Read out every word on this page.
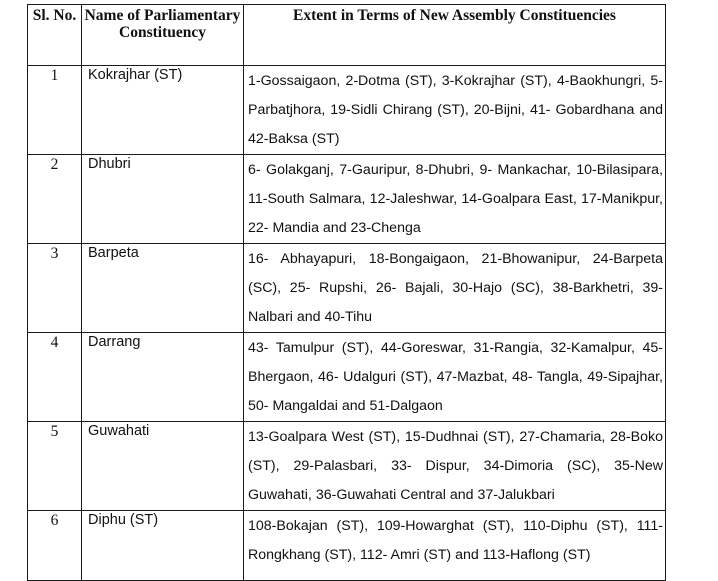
Sl. No.	Name of Parliamentary Constituency	Extent in Terms of New Assembly Constituencies
1	Kokrajhar (ST)	1-Gossaigaon, 2-Dotma (ST), 3-Kokrajhar (ST), 4-Baokhungri, 5-Parbatjhora, 19-Sidli Chirang (ST), 20-Bijni, 41- Gobardhana and 42-Baksa (ST)
2	Dhubri	6- Golakganj, 7-Gauripur, 8-Dhubri, 9- Mankachar, 10-Bilasipara, 11-South Salmara, 12-Jaleshwar, 14-Goalpara East, 17-Manikpur, 22- Mandia and 23-Chenga
3	Barpeta	16- Abhayapuri, 18-Bongaigaon, 21-Bhowanipur, 24-Barpeta (SC), 25- Rupshi, 26- Bajali, 30-Hajo (SC), 38-Barkhetri, 39-Nalbari and 40-Tihu
4	Darrang	43- Tamulpur (ST), 44-Goreswar, 31-Rangia, 32-Kamalpur, 45-Bhergaon, 46- Udalguri (ST), 47-Mazbat, 48- Tangla, 49-Sipajhar, 50- Mangaldai and 51-Dalgaon
5	Guwahati	13-Goalpara West (ST), 15-Dudhnai (ST), 27-Chamaria, 28-Boko (ST), 29-Palasbari, 33- Dispur, 34-Dimoria (SC), 35-New Guwahati, 36-Guwahati Central and 37-Jalukbari
6	Diphu (ST)	108-Bokajan (ST), 109-Howarghat (ST), 110-Diphu (ST), 111-Rongkhang (ST), 112- Amri (ST) and 113-Haflong (ST)
